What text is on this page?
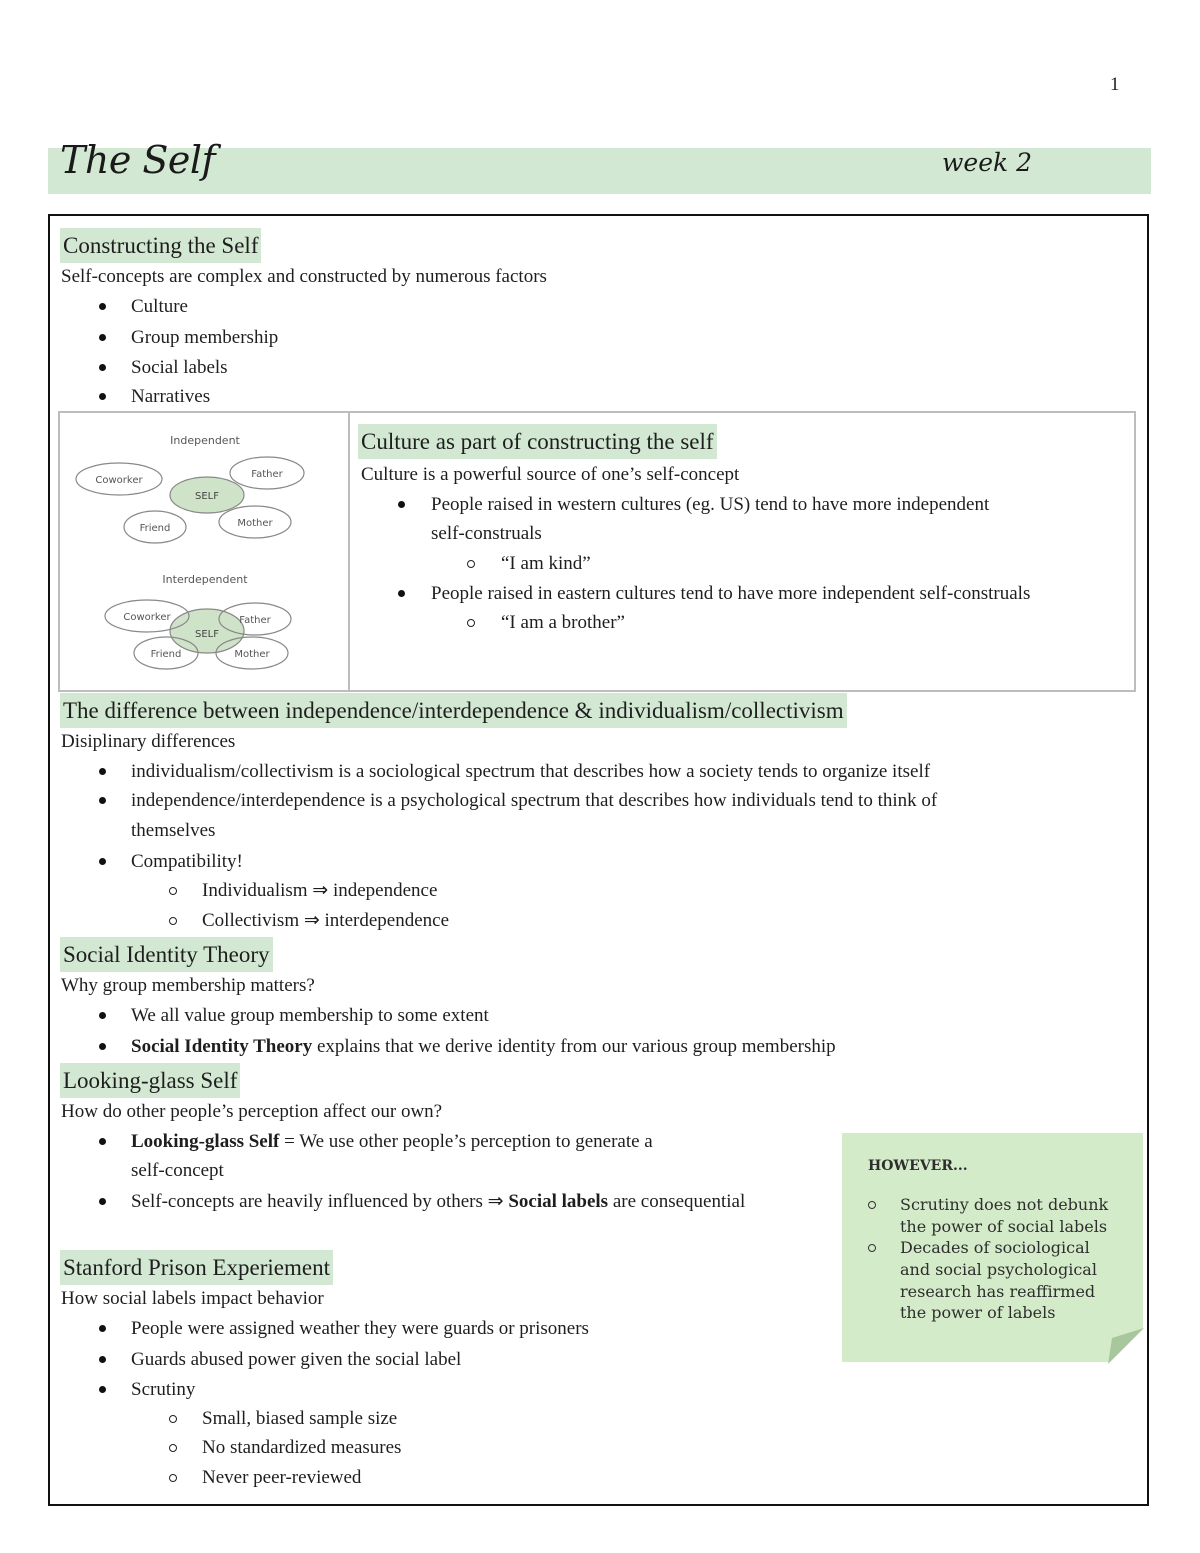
1
The Self	week 2
Constructing the Self
Self-concepts are complex and constructed by numerous factors
Culture
Group membership
Social labels
Narratives
Independent
Coworker
Father
SELF
Friend	Mother
Interdependent
Coworker	Father
SELF
Friend	Mother
Culture as part of constructing the self
Culture is a powerful source of one’s self-concept
People raised in western cultures (eg. US) tend to have more independent
self-construals
“I am kind”
People raised in eastern cultures tend to have more independent self-construals
“I am a brother”
The difference between independence/interdependence & individualism/collectivism
Disiplinary differences
individualism/collectivism is a sociological spectrum that describes how a society tends to organize itself
independence/interdependence is a psychological spectrum that describes how individuals tend to think of
themselves
Compatibility!
Individualism ⇒ independence
Collectivism ⇒ interdependence
Social Identity Theory
Why group membership matters?
We all value group membership to some extent
Social Identity Theory explains that we derive identity from our various group membership
Looking-glass Self
How do other people’s perception affect our own?
Looking-glass Self = We use other people’s perception to generate a
self-concept
Self-concepts are heavily influenced by others ⇒ Social labels are consequential
Stanford Prison Experiement
How social labels impact behavior
People were assigned weather they were guards or prisoners
Guards abused power given the social label
Scrutiny
Small, biased sample size
No standardized measures
Never peer-reviewed
HOWEVER...
Scrutiny does not debunk
the power of social labels
Decades of sociological
and social psychological
research has reaffirmed
the power of labels
